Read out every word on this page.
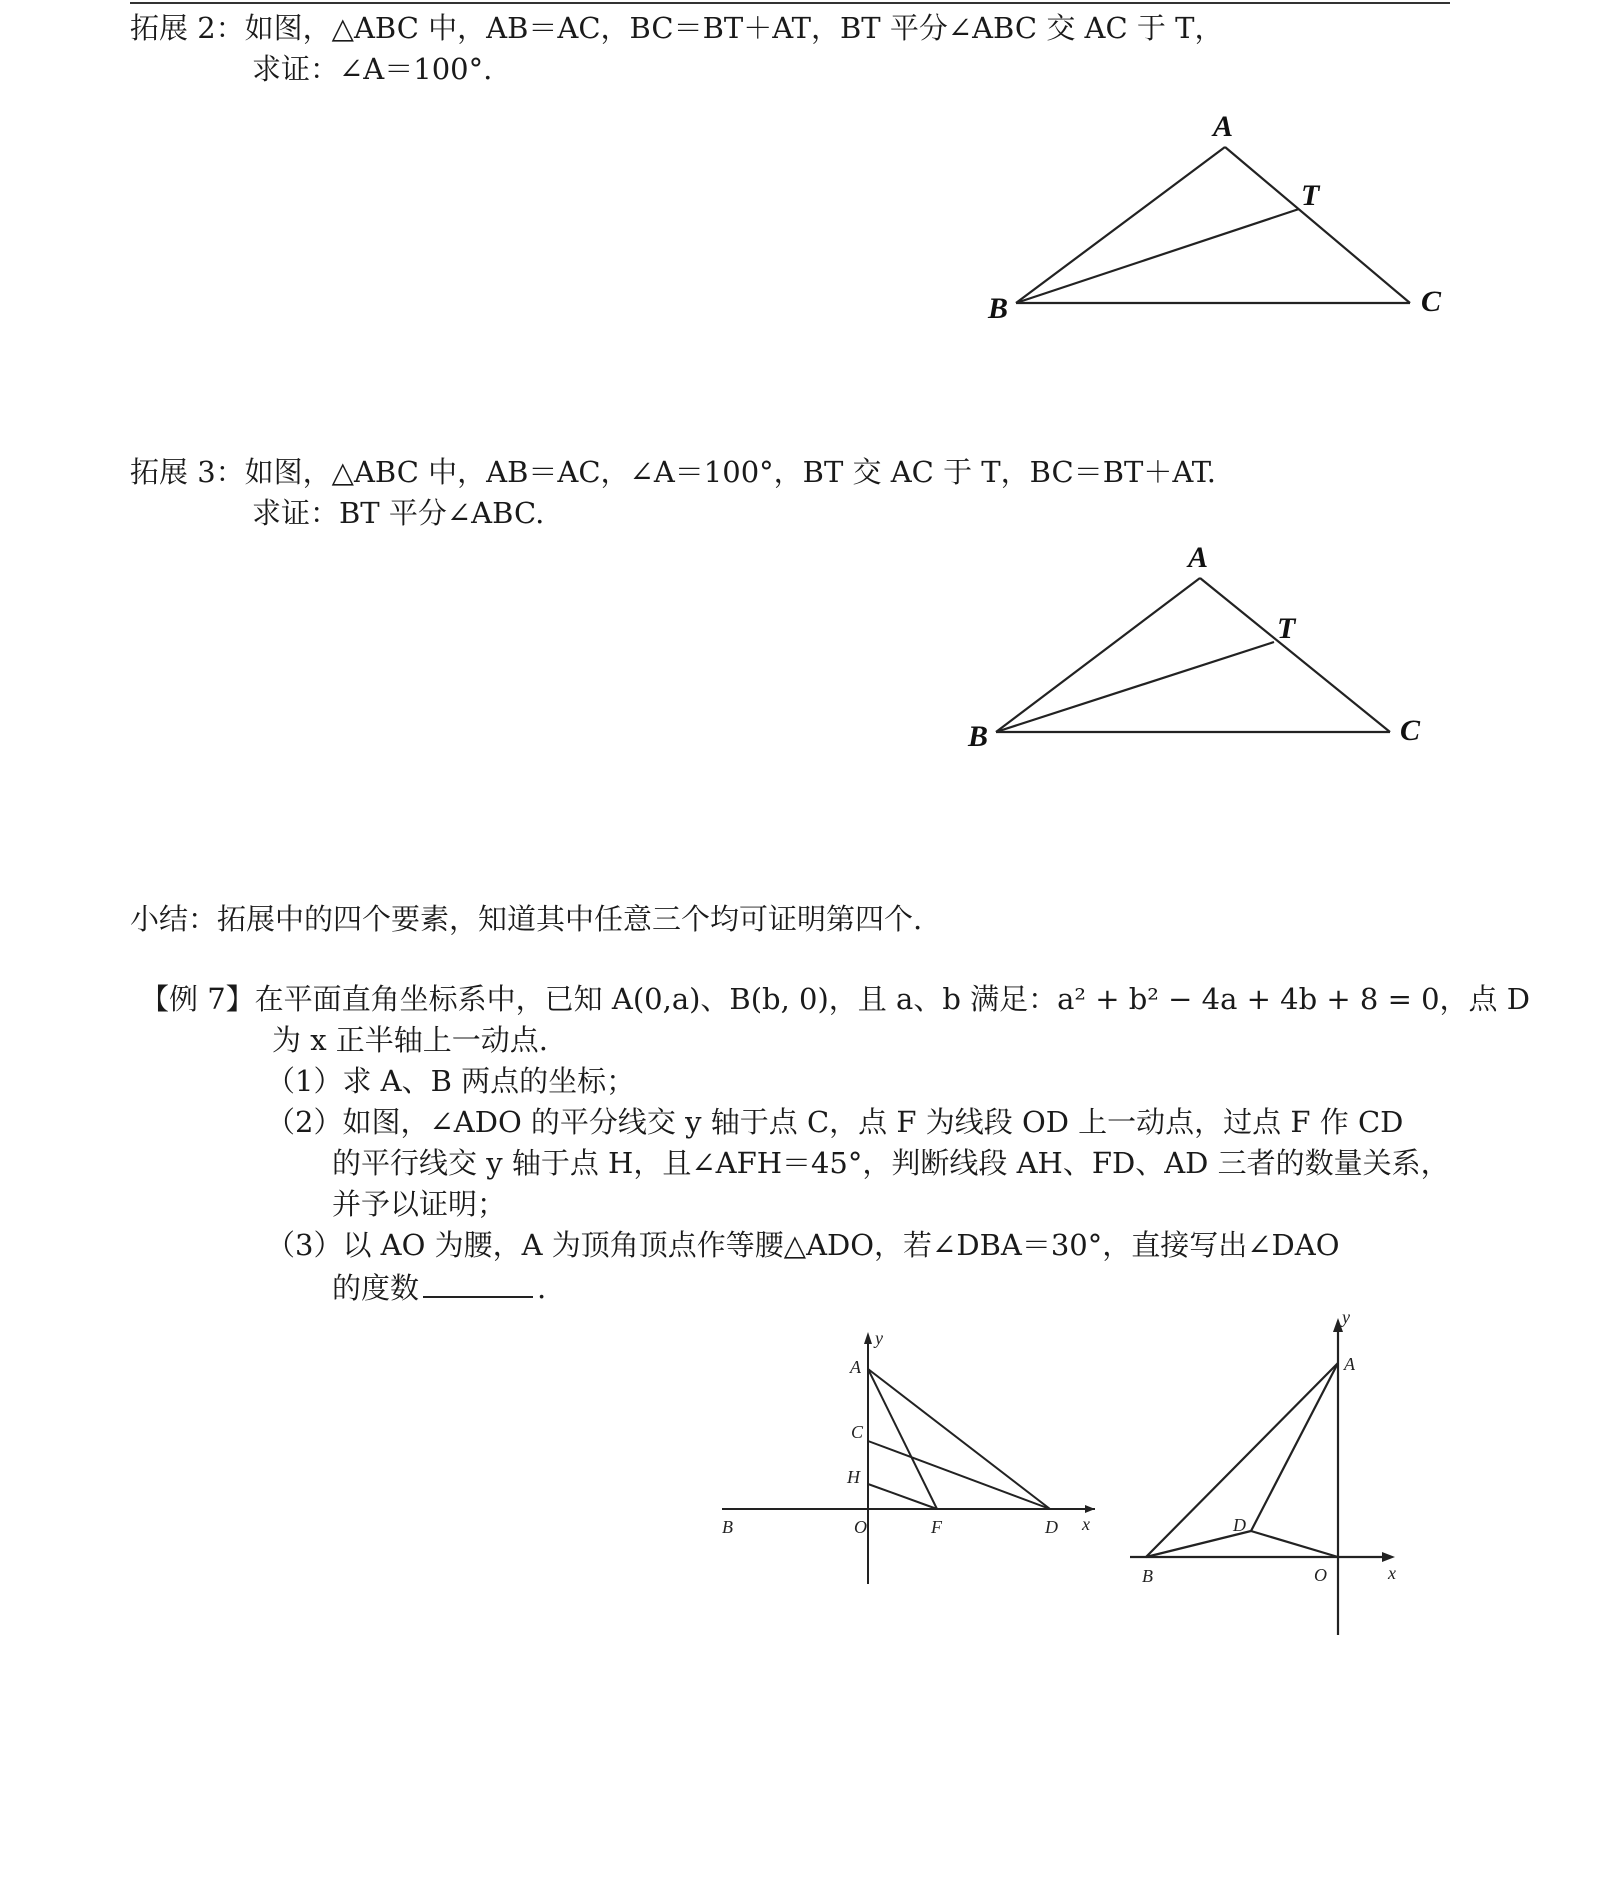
拓展 2：如图，△ABC 中，AB＝AC，BC＝BT＋AT，BT 平分∠ABC 交 AC 于 T，
求证：∠A＝100°.
A
T
B	C
拓展 3：如图，△ABC 中，AB＝AC，∠A＝100°，BT 交 AC 于 T，BC＝BT＋AT.
求证：BT 平分∠ABC.
A
T
B	C
小结：拓展中的四个要素，知道其中任意三个均可证明第四个.
【例 7】在平面直角坐标系中，已知 A(0,a)、B(b, 0)，且 a、b 满足：a² + b² − 4a + 4b + 8 = 0，点 D
为 x 正半轴上一动点.
（1）求 A、B 两点的坐标；
（2）如图，∠ADO 的平分线交 y 轴于点 C，点 F 为线段 OD 上一动点，过点 F 作 CD
的平行线交 y 轴于点 H，且∠AFH＝45°，判断线段 AH、FD、AD 三者的数量关系，
并予以证明；
（3）以 AO 为腰，A 为顶角顶点作等腰△ADO，若∠DBA＝30°，直接写出∠DAO
的度数	.
y
A
C
H
B	O	F	D x
y
A
D
B	O	x
